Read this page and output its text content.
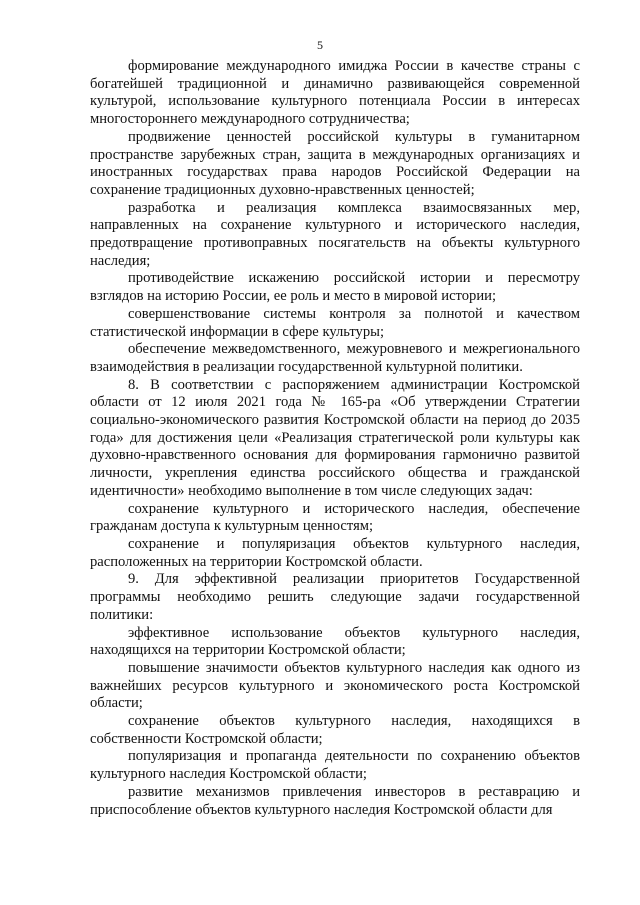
5

формирование международного имиджа России в качестве страны с богатейшей традиционной и динамично развивающейся современной культурой, использование культурного потенциала России в интересах многостороннего международного сотрудничества;

продвижение ценностей российской культуры в гуманитарном пространстве зарубежных стран, защита в международных организациях и иностранных государствах права народов Российской Федерации на сохранение традиционных духовно-нравственных ценностей;

разработка и реализация комплекса взаимосвязанных мер, направленных на сохранение культурного и исторического наследия, предотвращение противоправных посягательств на объекты культурного наследия;

противодействие искажению российской истории и пересмотру взглядов на историю России, ее роль и место в мировой истории;

совершенствование системы контроля за полнотой и качеством статистической информации в сфере культуры;

обеспечение межведомственного, межуровневого и межрегионального взаимодействия в реализации государственной культурной политики.

8. В соответствии с распоряжением администрации Костромской области от 12 июля 2021 года № 165-ра «Об утверждении Стратегии социально-экономического развития Костромской области на период до 2035 года» для достижения цели «Реализация стратегической роли культуры как духовно-нравственного основания для формирования гармонично развитой личности, укрепления единства российского общества и гражданской идентичности» необходимо выполнение в том числе следующих задач:

сохранение культурного и исторического наследия, обеспечение гражданам доступа к культурным ценностям;

сохранение и популяризация объектов культурного наследия, расположенных на территории Костромской области.

9. Для эффективной реализации приоритетов Государственной программы необходимо решить следующие задачи государственной политики:

эффективное использование объектов культурного наследия, находящихся на территории Костромской области;

повышение значимости объектов культурного наследия как одного из важнейших ресурсов культурного и экономического роста Костромской области;

сохранение объектов культурного наследия, находящихся в собственности Костромской области;

популяризация и пропаганда деятельности по сохранению объектов культурного наследия Костромской области;

развитие механизмов привлечения инвесторов в реставрацию и приспособление объектов культурного наследия Костромской области для
